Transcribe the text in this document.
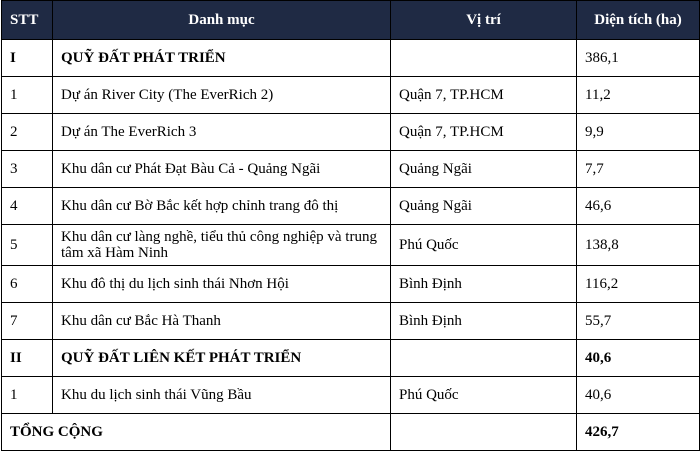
STT	Danh mục	Vị trí	Diện tích (ha)
I	QUỸ ĐẤT PHÁT TRIỂN		386,1
1	Dự án River City (The EverRich 2)	Quận 7, TP.HCM	11,2
2	Dự án The EverRich 3	Quận 7, TP.HCM	9,9
3	Khu dân cư Phát Đạt Bàu Cả - Quảng Ngãi	Quảng Ngãi	7,7
4	Khu dân cư Bờ Bắc kết hợp chỉnh trang đô thị	Quảng Ngãi	46,6
5	Khu dân cư làng nghề, tiểu thủ công nghiệp và trung tâm xã Hàm Ninh	Phú Quốc	138,8
6	Khu đô thị du lịch sinh thái Nhơn Hội	Bình Định	116,2
7	Khu dân cư Bắc Hà Thanh	Bình Định	55,7
II	QUỸ ĐẤT LIÊN KẾT PHÁT TRIỂN		40,6
1	Khu du lịch sinh thái Vũng Bầu	Phú Quốc	40,6
TỔNG CỘNG			426,7
